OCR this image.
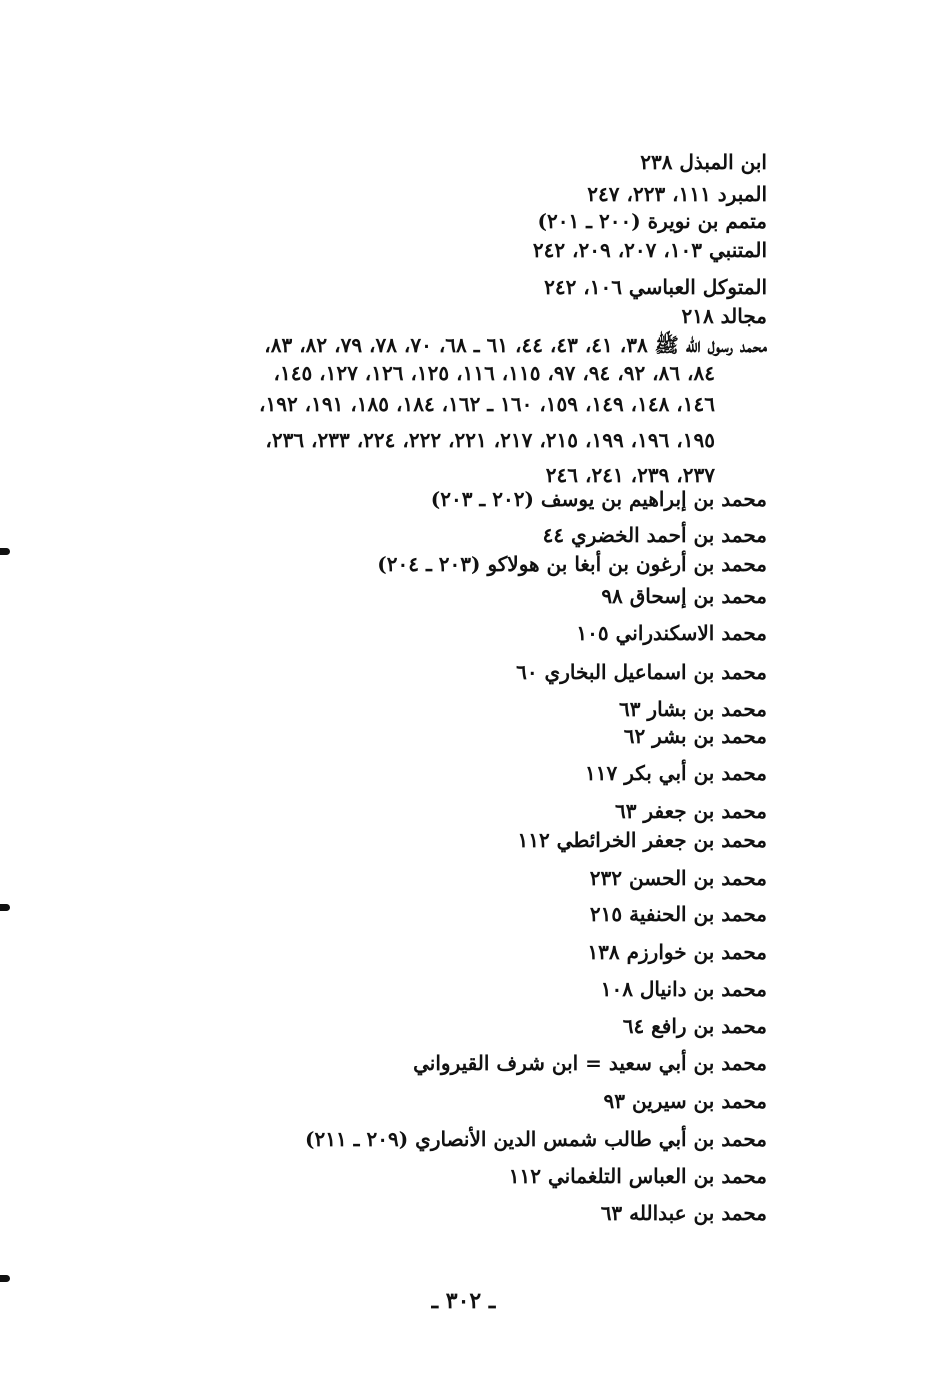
ابن المبذل ٢٣٨
المبرد ١١١، ٢٢٣، ٢٤٧
متمم بن نويرة (٢٠٠ ـ ٢٠١)
المتنبي ١٠٣، ٢٠٧، ٢٠٩، ٢٤٢
المتوكل العباسي ١٠٦، ٢٤٢
مجالد ٢١٨
محمد رسول الله ﷺ ٣٨، ٤١، ٤٣، ٤٤، ٦١ ـ ٦٨، ٧٠، ٧٨، ٧٩، ٨٢، ٨٣،
٨٤، ٨٦، ٩٢، ٩٤، ٩٧، ١١٥، ١١٦، ١٢٥، ١٢٦، ١٢٧، ١٤٥،
١٤٦، ١٤٨، ١٤٩، ١٥٩، ١٦٠ ـ ١٦٢، ١٨٤، ١٨٥، ١٩١، ١٩٢،
١٩٥، ١٩٦، ١٩٩، ٢١٥، ٢١٧، ٢٢١، ٢٢٢، ٢٢٤، ٢٣٣، ٢٣٦،
٢٣٧، ٢٣٩، ٢٤١، ٢٤٦
محمد بن إبراهيم بن يوسف (٢٠٢ ـ ٢٠٣)
محمد بن أحمد الخضري ٤٤
محمد بن أرغون بن أبغا بن هولاكو (٢٠٣ ـ ٢٠٤)
محمد بن إسحاق ٩٨
محمد الاسكندراني ١٠٥
محمد بن اسماعيل البخاري ٦٠
محمد بن بشار ٦٣
محمد بن بشر ٦٢
محمد بن أبي بكر ١١٧
محمد بن جعفر ٦٣
محمد بن جعفر الخرائطي ١١٢
محمد بن الحسن ٢٣٢
محمد بن الحنفية ٢١٥
محمد بن خوارزم ١٣٨
محمد بن دانيال ١٠٨
محمد بن رافع ٦٤
محمد بن أبي سعيد = ابن شرف القيرواني
محمد بن سيرين ٩٣
محمد بن أبي طالب شمس الدين الأنصاري (٢٠٩ ـ ٢١١)
محمد بن العباس التلغماني ١١٢
محمد بن عبدالله ٦٣
ـ ٣٠٢ ـ
